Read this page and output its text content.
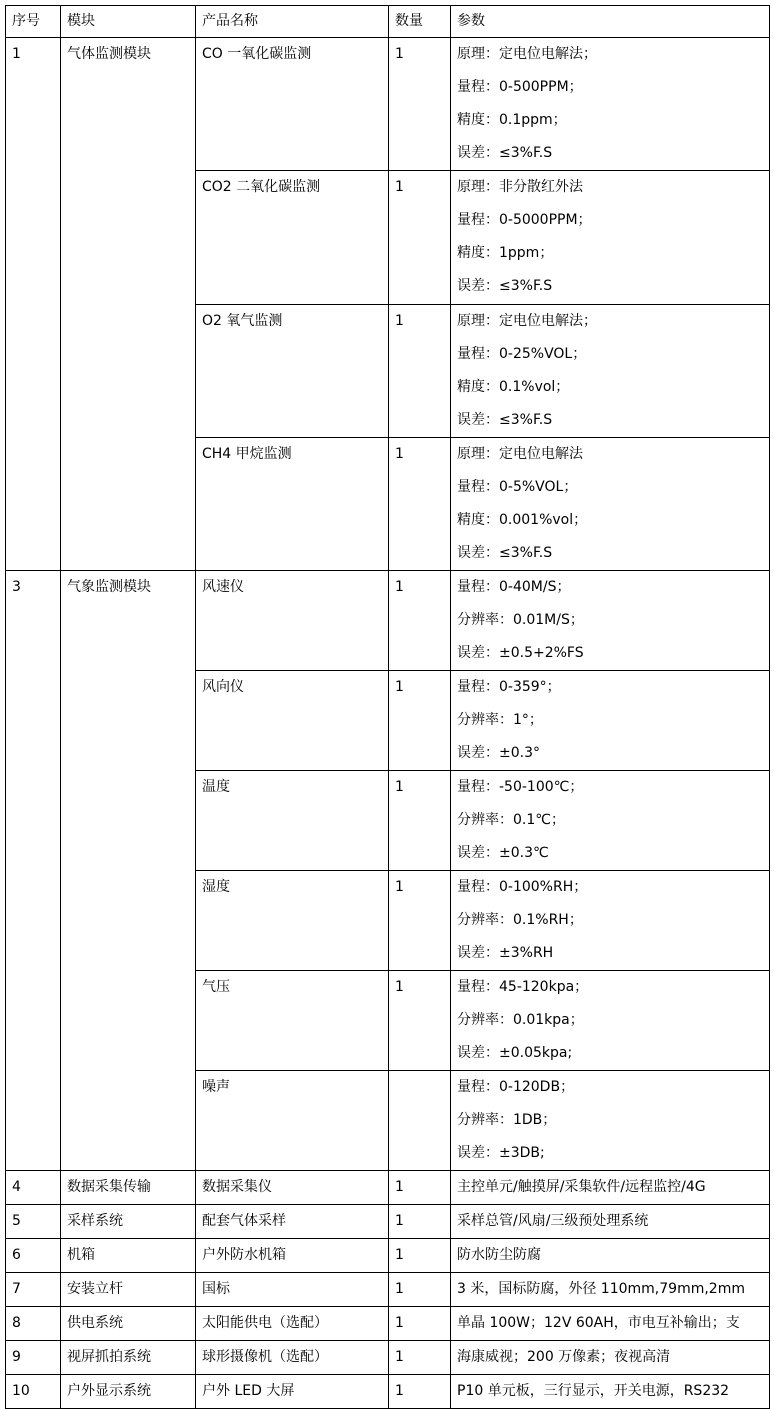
序号	模块	产品名称	数量	参数

1	气体监测模块	CO 一氧化碳监测	1	原理：定电位电解法；
量程：0-500PPM；
精度：0.1ppm；
误差：≤3%F.S

		CO2 二氧化碳监测	1	原理：非分散红外法
量程：0-5000PPM；
精度：1ppm；
误差：≤3%F.S

		O2 氧气监测	1	原理：定电位电解法；
量程：0-25%VOL；
精度：0.1%vol；
误差：≤3%F.S

		CH4 甲烷监测	1	原理：定电位电解法
量程：0-5%VOL；
精度：0.001%vol；
误差：≤3%F.S

3	气象监测模块	风速仪	1	量程：0-40M/S；
分辨率：0.01M/S；
误差：±0.5+2%FS

		风向仪	1	量程：0-359°；
分辨率：1°；
误差：±0.3°

		温度	1	量程：-50-100℃；
分辨率：0.1℃；
误差：±0.3℃

		湿度	1	量程：0-100%RH；
分辨率：0.1%RH；
误差：±3%RH

		气压	1	量程：45-120kpa；
分辨率：0.01kpa；
误差：±0.05kpa;

		噪声		量程：0-120DB；
分辨率：1DB；
误差：±3DB;

4	数据采集传输	数据采集仪	1	主控单元/触摸屏/采集软件/远程监控/4G

5	采样系统	配套气体采样	1	采样总管/风扇/三级预处理系统

6	机箱	户外防水机箱	1	防水防尘防腐

7	安装立杆	国标	1	3 米，国标防腐，外径 110mm,79mm,2mm

8	供电系统	太阳能供电（选配）	1	单晶 100W；12V 60AH，市电互补输出；支

9	视屏抓拍系统	球形摄像机（选配）	1	海康威视；200 万像素；夜视高清

10	户外显示系统	户外 LED 大屏	1	P10 单元板，三行显示，开关电源，RS232
